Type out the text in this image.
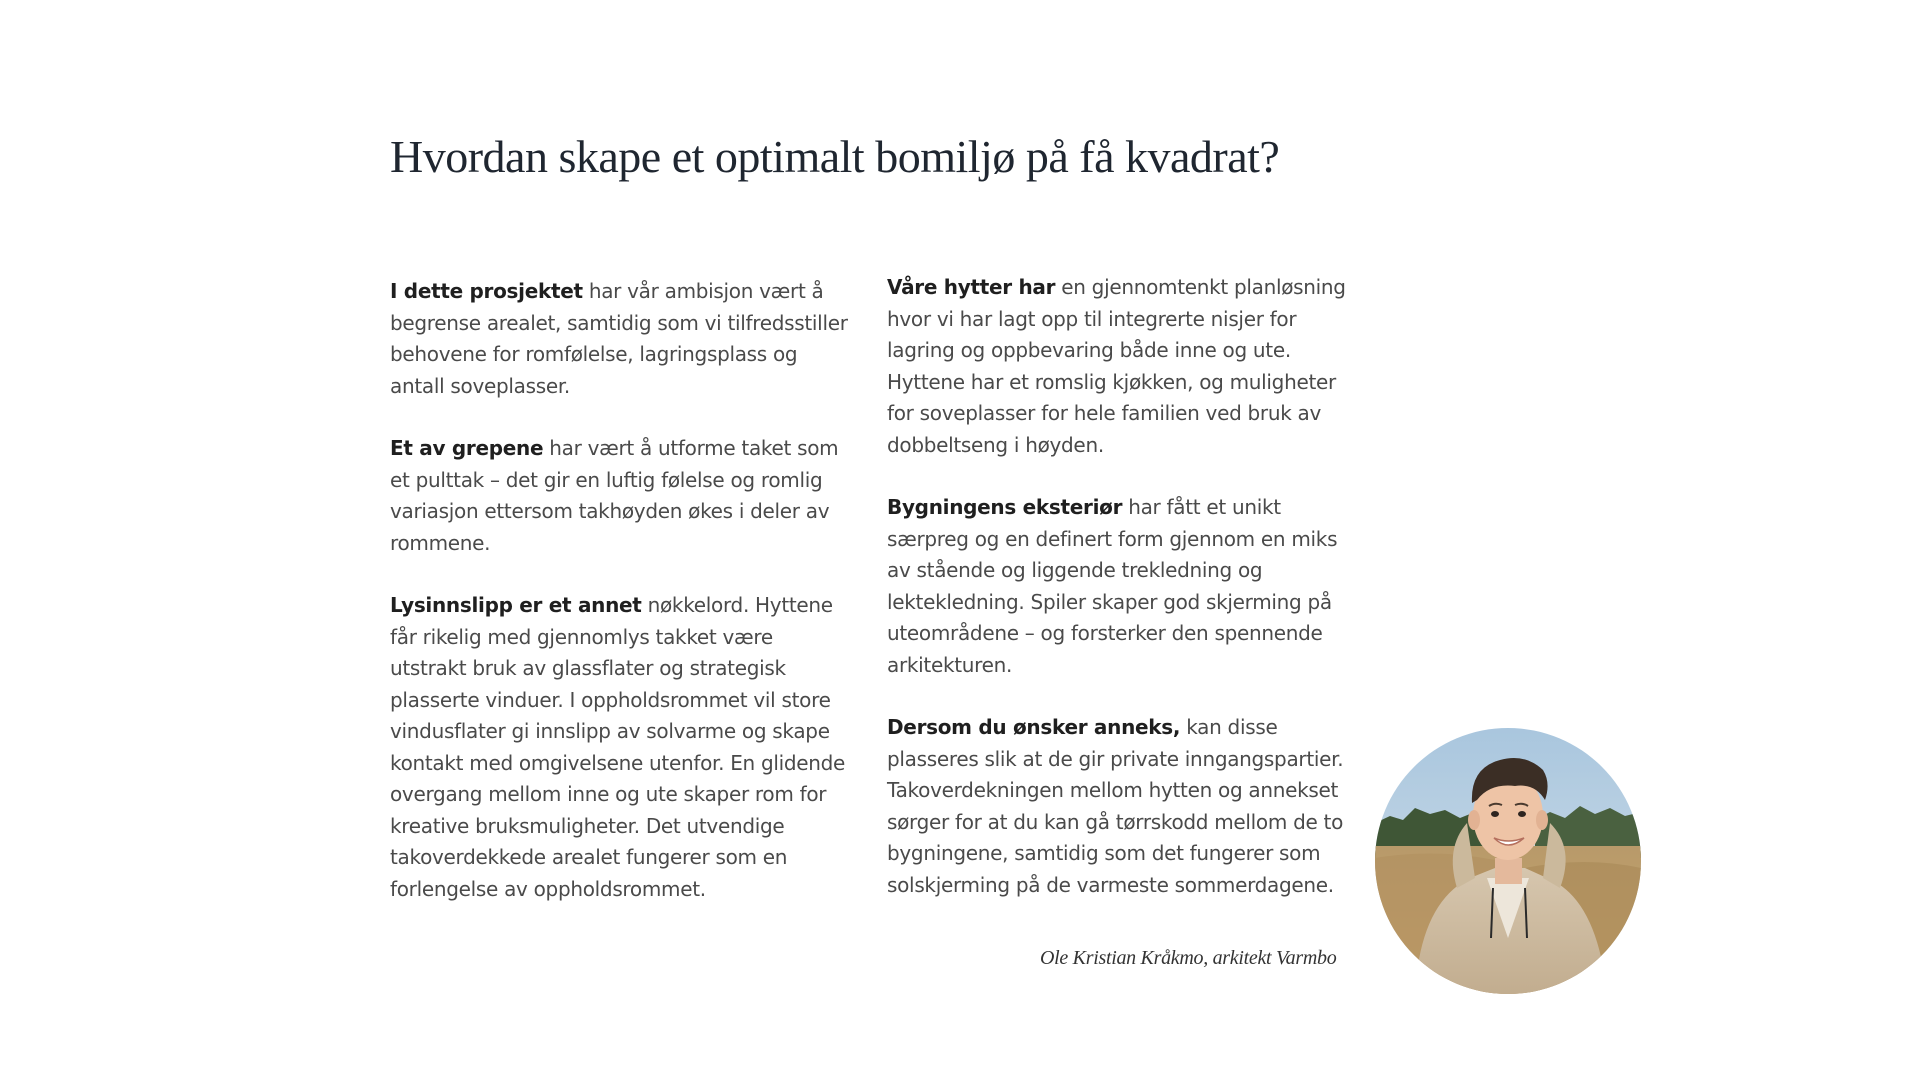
Hvordan skape et optimalt bomiljø på få kvadrat?

I dette prosjektet har vår ambisjon vært å begrense arealet, samtidig som vi tilfredsstiller behovene for romfølelse, lagringsplass og antall soveplasser.

Et av grepene har vært å utforme taket som et pulttak – det gir en luftig følelse og romlig variasjon ettersom takhøyden økes i deler av rommene.

Lysinnslipp er et annet nøkkelord. Hyttene får rikelig med gjennomlys takket være utstrakt bruk av glassflater og strategisk plasserte vinduer. I oppholdsrommet vil store vindusflater gi innslipp av solvarme og skape kontakt med omgivelsene utenfor. En glidende overgang mellom inne og ute skaper rom for kreative bruksmuligheter. Det utvendige takoverdekkede arealet fungerer som en forlengelse av oppholdsrommet.

Våre hytter har en gjennomtenkt planløsning hvor vi har lagt opp til integrerte nisjer for lagring og oppbevaring både inne og ute. Hyttene har et romslig kjøkken, og muligheter for soveplasser for hele familien ved bruk av dobbeltseng i høyden.

Bygningens eksteriør har fått et unikt særpreg og en definert form gjennom en miks av stående og liggende trekledning og lektekledning. Spiler skaper god skjerming på uteområdene – og forsterker den spennende arkitekturen.

Dersom du ønsker anneks, kan disse plasseres slik at de gir private inngangspartier. Takoverdekningen mellom hytten og annekset sørger for at du kan gå tørrskodd mellom de to bygningene, samtidig som det fungerer som solskjerming på de varmeste sommerdagene.

Ole Kristian Kråkmo, arkitekt Varmbo
